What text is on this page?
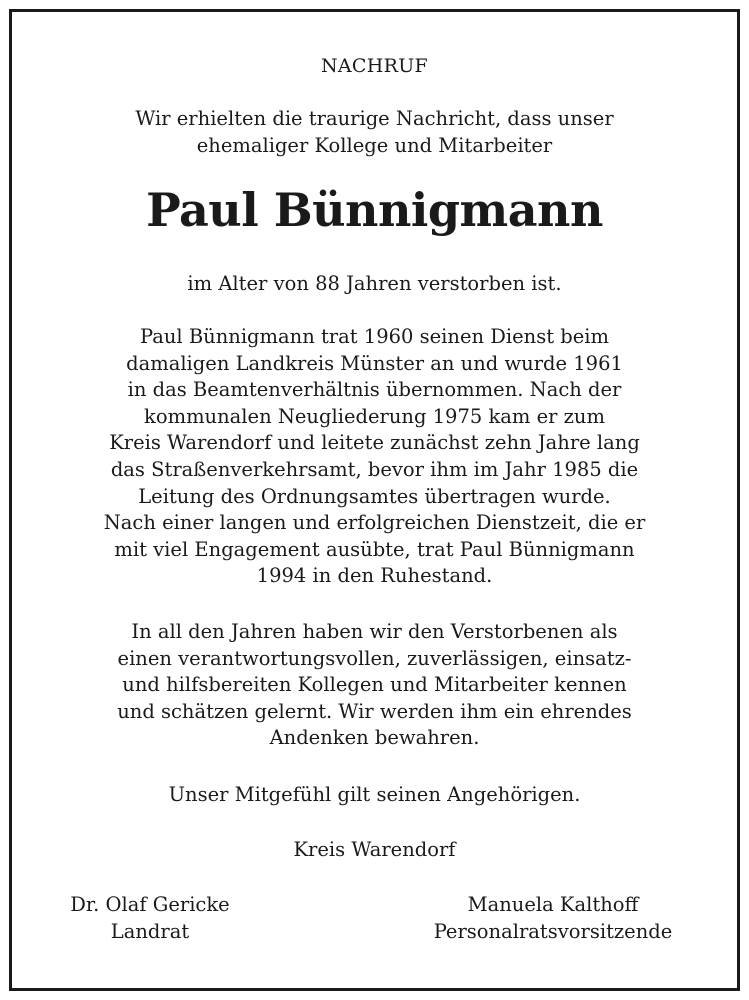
NACHRUF
Wir erhielten die traurige Nachricht, dass unser
ehemaliger Kollege und Mitarbeiter
Paul Bünnigmann
im Alter von 88 Jahren verstorben ist.
Paul Bünnigmann trat 1960 seinen Dienst beim
damaligen Landkreis Münster an und wurde 1961
in das Beamtenverhältnis übernommen. Nach der
kommunalen Neugliederung 1975 kam er zum
Kreis Warendorf und leitete zunächst zehn Jahre lang
das Straßenverkehrsamt, bevor ihm im Jahr 1985 die
Leitung des Ordnungsamtes übertragen wurde.
Nach einer langen und erfolgreichen Dienstzeit, die er
mit viel Engagement ausübte, trat Paul Bünnigmann
1994 in den Ruhestand.
In all den Jahren haben wir den Verstorbenen als
einen verantwortungsvollen, zuverlässigen, einsatz-
und hilfsbereiten Kollegen und Mitarbeiter kennen
und schätzen gelernt. Wir werden ihm ein ehrendes
Andenken bewahren.
Unser Mitgefühl gilt seinen Angehörigen.
Kreis Warendorf
Dr. Olaf Gericke
Landrat
Manuela Kalthoff
Personalratsvorsitzende
